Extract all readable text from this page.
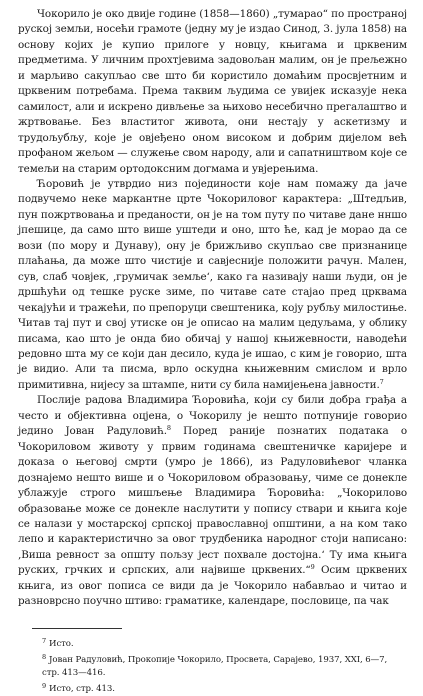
Чокорило је око двије године (1858—1860) „тумарао“ по пространој руској земљи, носећи грамоте (једну му је издао Синод, 3. јула 1858) на основу којих је купио прилоге у новцу, књигама и црквеним предметима. У личним прохтјевима задовољан малим, он је прељежно и марљиво сакупљао све што би користило домаћим просвјетним и црквеним потребама. Према таквим људима се увијек исказује нека самилост, али и искрено дивљење за њихово несебично прегалаштво и жртвовање. Без властитог живота, они нестају у аскетизму и трудољубљу, које је овјеђено оном високом и добрим дијелом већ профаном жељом — служење свом народу, али и сапатништвом које се темељи на старим ортодоксним догмама и увјерењима.

Ћоровић је утврдио низ појединости које нам помажу да јаче подвучемо неке маркантне црте Чокориловог карактера: „Штедљив, пун пожртвовања и преданости, он је на том путу по читаве дане нншо јпешице, да само што више уштеди и оно, што ће, кад је морао да се вози (по мору и Дунаву), ону је брижљиво скупљао све признанице плаћања, да може што чистије и савјесније положити рачун. Мален, сув, слаб човјек, ‚грумичак земље‘, како га називају наши људи, он је дршћући од тешке руске зиме, по читаве сате стајао пред црквама чекајући и тражећи, по препоруци свештеника, коју рубљу милостиње. Читав тај пут и свој утиске он је описао на малим цедуљама, у облику писама, као што је онда био обичај у нашој књижевности, наводећи редовно шта му се који дан десило, куда је ишао, с ким је говорио, шта је видио. Али та писма, врло оскудна књижевним смислом и врло примитивна, нијесу за штампе, нити су била намијењена јавности.$^7$

Послије радова Владимира Ћоровића, који су били добра грађа а често и објективна оцјена, о Чокорилу је нешто потпуније говорио једино Јован Радуловић.$^8$ Поред раније познатих података о Чокориловом животу у првим годинама свештеничке каријере и доказа о његовој смрти (умро је 1866), из Радуловићевог чланка дознајемо нешто више и о Чокориловом образовању, чиме се донекле ублажује строго мишљење Владимира Ћоровића: „Чокорилово образовање може се донекле наслутити у попису ствари и књига које се налази у мостарској српској православној општини, а на ком тако лепо и карактеристично за овог трудбеника народног стоји написано: ‚Виша ревност за општу пољзу јест похвале достојна.‘ Ту има књига руских, грчких и српских, али највише црквених.“$^9$ Осим црквених књига, из овог пописа се види да је Чокорило набављао и читао и разноврсно поучно штиво: граматике, календаре, пословице, па чак

$^7$ Исто.

$^8$ Јован Радуловић, Прокопије Чокорило, Просвета, Сарајево, 1937, XXI, 6—7, стр. 413—416.

$^9$ Исто, стр. 413.
